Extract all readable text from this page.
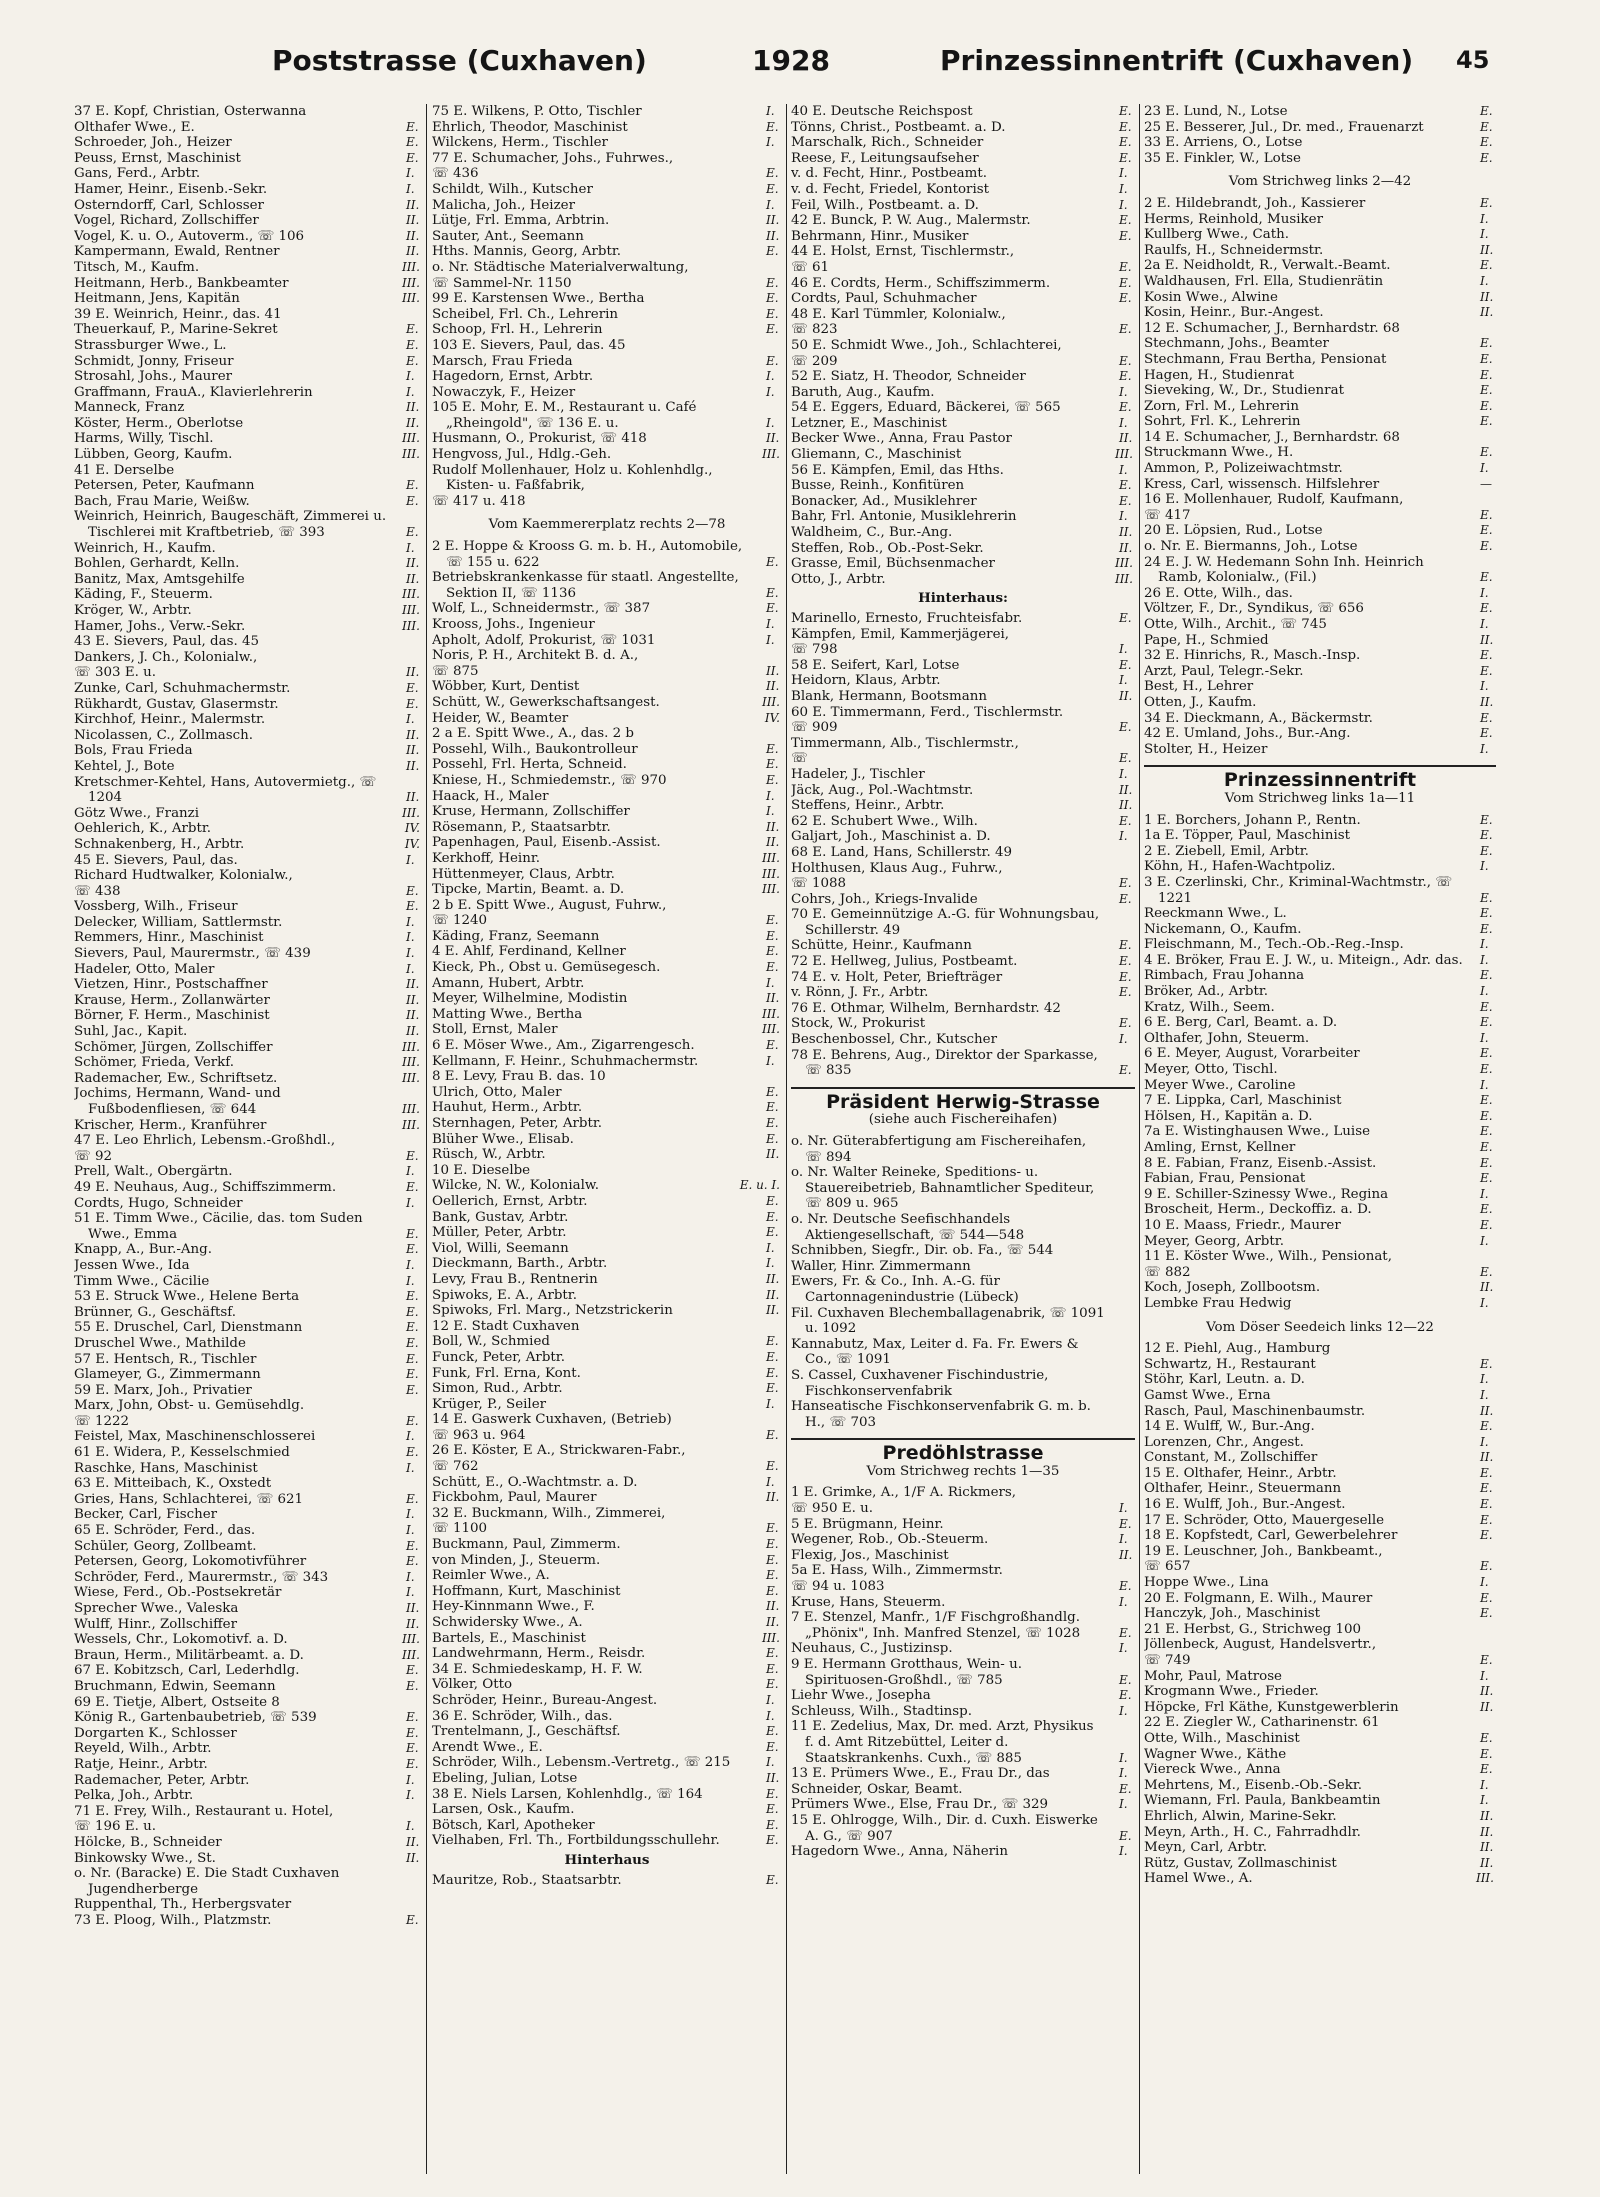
Poststrasse (Cuxhaven)	1928	Prinzessinnentrift (Cuxhaven) 45
37 E. Kopf, Christian, Osterwanna
Olthafer Wwe., E.	E.
Schroeder, Joh., Heizer	E.
Peuss, Ernst, Maschinist	E.
Gans, Ferd., Arbtr.	I.
Hamer, Heinr., Eisenb.-Sekr.	I.
Osterndorff, Carl, Schlosser	II.
Vogel, Richard, Zollschiffer	II.
Vogel, K. u. O., Autoverm., ☏ 106	II.
Kampermann, Ewald, Rentner	II.
Titsch, M., Kaufm.	III.
Heitmann, Herb., Bankbeamter	III.
Heitmann, Jens, Kapitän	III.
39 E. Weinrich, Heinr., das. 41
Theuerkauf, P., Marine-Sekret	E.
Strassburger Wwe., L.	E.
Schmidt, Jonny, Friseur	E.
Strosahl, Johs., Maurer	I.
Graffmann, FrauA., Klavierlehrerin	I.
Manneck, Franz	II.
Köster, Herm., Oberlotse	II.
Harms, Willy, Tischl.	III.
Lübben, Georg, Kaufm.	III.
41 E. Derselbe
Petersen, Peter, Kaufmann	E.
Bach, Frau Marie, Weißw.	E.
Weinrich, Heinrich, Baugeschäft, Zimmerei u. Tischlerei mit Kraftbetrieb, ☏ 393	E.
Weinrich, H., Kaufm.	I.
Bohlen, Gerhardt, Kelln.	II.
Banitz, Max, Amtsgehilfe	II.
Käding, F., Steuerm.	III.
Kröger, W., Arbtr.	III.
Hamer, Johs., Verw.-Sekr.	III.
43 E. Sievers, Paul, das. 45
Dankers, J. Ch., Kolonialw.,
☏ 303 E. u.	II.
Zunke, Carl, Schuhmachermstr.	E.
Rükhardt, Gustav, Glasermstr.	E.
Kirchhof, Heinr., Malermstr.	I.
Nicolassen, C., Zollmasch.	II.
Bols, Frau Frieda	II.
Kehtel, J., Bote	II.
Kretschmer-Kehtel, Hans, Autovermietg., ☏ 1204	II.
Götz Wwe., Franzi	III.
Oehlerich, K., Arbtr.	IV.
Schnakenberg, H., Arbtr.	IV.
45 E. Sievers, Paul, das.	I.
Richard Hudtwalker, Kolonialw.,
☏ 438	E.
Vossberg, Wilh., Friseur	E.
Delecker, William, Sattlermstr.	I.
Remmers, Hinr., Maschinist	I.
Sievers, Paul, Maurermstr., ☏ 439	I.
Hadeler, Otto, Maler	I.
Vietzen, Hinr., Postschaffner	II.
Krause, Herm., Zollanwärter	II.
Börner, F. Herm., Maschinist	II.
Suhl, Jac., Kapit.	II.
Schömer, Jürgen, Zollschiffer	III.
Schömer, Frieda, Verkf.	III.
Rademacher, Ew., Schriftsetz.	III.
Jochims, Hermann, Wand- und Fußbodenfliesen, ☏ 644	III.
Krischer, Herm., Kranführer	III.
47 E. Leo Ehrlich, Lebensm.-Großhdl.,
☏ 92	E.
Prell, Walt., Obergärtn.	I.
49 E. Neuhaus, Aug., Schiffszimmerm.	E.
Cordts, Hugo, Schneider	I.
51 E. Timm Wwe., Cäcilie, das. tom Suden Wwe., Emma	E.
Knapp, A., Bur.-Ang.	E.
Jessen Wwe., Ida	I.
Timm Wwe., Cäcilie	I.
53 E. Struck Wwe., Helene Berta	E.
Brünner, G., Geschäftsf.	E.
55 E. Druschel, Carl, Dienstmann	E.
Druschel Wwe., Mathilde	E.
57 E. Hentsch, R., Tischler	E.
Glameyer, G., Zimmermann	E.
59 E. Marx, Joh., Privatier	E.
Marx, John, Obst- u. Gemüsehdlg.
☏ 1222	E.
Feistel, Max, Maschinenschlosserei	I.
61 E. Widera, P., Kesselschmied	E.
Raschke, Hans, Maschinist	I.
63 E. Mitteibach, K., Oxstedt
Gries, Hans, Schlachterei, ☏ 621	E.
Becker, Carl, Fischer	I.
65 E. Schröder, Ferd., das.	I.
Schüler, Georg, Zollbeamt.	E.
Petersen, Georg, Lokomotivführer	E.
Schröder, Ferd., Maurermstr., ☏ 343	I.
Wiese, Ferd., Ob.-Postsekretär	I.
Sprecher Wwe., Valeska	II.
Wulff, Hinr., Zollschiffer	II.
Wessels, Chr., Lokomotivf. a. D.	III.
Braun, Herm., Militärbeamt. a. D.	III.
67 E. Kobitzsch, Carl, Lederhdlg.	E.
Bruchmann, Edwin, Seemann	E.
69 E. Tietje, Albert, Ostseite 8
König R., Gartenbaubetrieb, ☏ 539	E.
Dorgarten K., Schlosser	E.
Reyeld, Wilh., Arbtr.	E.
Ratje, Heinr., Arbtr.	E.
Rademacher, Peter, Arbtr.	I.
Pelka, Joh., Arbtr.	I.
71 E. Frey, Wilh., Restaurant u. Hotel,
☏ 196 E. u.	I.
Hölcke, B., Schneider	II.
Binkowsky Wwe., St.	II.
o. Nr. (Baracke) E. Die Stadt Cuxhaven Jugendherberge
Ruppenthal, Th., Herbergsvater
73 E. Ploog, Wilh., Platzmstr.	E.
75 E. Wilkens, P. Otto, Tischler	I.
Ehrlich, Theodor, Maschinist	E.
Wilckens, Herm., Tischler	I.
77 E. Schumacher, Johs., Fuhrwes.,
☏ 436	E.
Schildt, Wilh., Kutscher	E.
Malicha, Joh., Heizer	I.
Lütje, Frl. Emma, Arbtrin.	II.
Sauter, Ant., Seemann	II.
Hths. Mannis, Georg, Arbtr.	E.
o. Nr. Städtische Materialverwaltung,
☏ Sammel-Nr. 1150	E.
99 E. Karstensen Wwe., Bertha	E.
Scheibel, Frl. Ch., Lehrerin	E.
Schoop, Frl. H., Lehrerin	E.
103 E. Sievers, Paul, das. 45
Marsch, Frau Frieda	E.
Hagedorn, Ernst, Arbtr.	I.
Nowaczyk, F., Heizer	I.
105 E. Mohr, E. M., Restaurant u. Café „Rheingold", ☏ 136 E. u.	I.
Husmann, O., Prokurist, ☏ 418	II.
Hengvoss, Jul., Hdlg.-Geh.	III.
Rudolf Mollenhauer, Holz u. Kohlenhdlg., Kisten- u. Faßfabrik,
☏ 417 u. 418
Vom Kaemmererplatz rechts 2—78
2 E. Hoppe & Krooss G. m. b. H., Automobile, ☏ 155 u. 622	E.
Betriebskrankenkasse für staatl. Angestellte, Sektion II, ☏ 1136	E.
Wolf, L., Schneidermstr., ☏ 387	E.
Krooss, Johs., Ingenieur	I.
Apholt, Adolf, Prokurist, ☏ 1031	I.
Noris, P. H., Architekt B. d. A.,
☏ 875	II.
Wöbber, Kurt, Dentist	II.
Schütt, W., Gewerkschaftsangest.	III.
Heider, W., Beamter	IV.
2 a E. Spitt Wwe., A., das. 2 b
Possehl, Wilh., Baukontrolleur	E.
Possehl, Frl. Herta, Schneid.	E.
Kniese, H., Schmiedemstr., ☏ 970	E.
Haack, H., Maler	I.
Kruse, Hermann, Zollschiffer	I.
Rösemann, P., Staatsarbtr.	II.
Papenhagen, Paul, Eisenb.-Assist.	II.
Kerkhoff, Heinr.	III.
Hüttenmeyer, Claus, Arbtr.	III.
Tipcke, Martin, Beamt. a. D.	III.
2 b E. Spitt Wwe., August, Fuhrw.,
☏ 1240	E.
Käding, Franz, Seemann	E.
4 E. Ahlf, Ferdinand, Kellner	E.
Kieck, Ph., Obst u. Gemüsegesch.	E.
Amann, Hubert, Arbtr.	I.
Meyer, Wilhelmine, Modistin	II.
Matting Wwe., Bertha	III.
Stoll, Ernst, Maler	III.
6 E. Möser Wwe., Am., Zigarrengesch.	E.
Kellmann, F. Heinr., Schuhmachermstr.	I.
8 E. Levy, Frau B. das. 10
Ulrich, Otto, Maler	E.
Hauhut, Herm., Arbtr.	E.
Sternhagen, Peter, Arbtr.	E.
Blüher Wwe., Elisab.	E.
Rüsch, W., Arbtr.	II.
10 E. Dieselbe
Wilcke, N. W., Kolonialw.	E. u. I.
Oellerich, Ernst, Arbtr.	E.
Bank, Gustav, Arbtr.	E.
Müller, Peter, Arbtr.	E.
Viol, Willi, Seemann	I.
Dieckmann, Barth., Arbtr.	I.
Levy, Frau B., Rentnerin	II.
Spiwoks, E. A., Arbtr.	II.
Spiwoks, Frl. Marg., Netzstrickerin	II.
12 E. Stadt Cuxhaven
Boll, W., Schmied	E.
Funck, Peter, Arbtr.	E.
Funk, Frl. Erna, Kont.	E.
Simon, Rud., Arbtr.	E.
Krüger, P., Seiler	I.
14 E. Gaswerk Cuxhaven, (Betrieb)
☏ 963 u. 964	E.
26 E. Köster, E A., Strickwaren-Fabr.,
☏ 762	E.
Schütt, E., O.-Wachtmstr. a. D.	I.
Fickbohm, Paul, Maurer	II.
32 E. Buckmann, Wilh., Zimmerei,
☏ 1100	E.
Buckmann, Paul, Zimmerm.	E.
von Minden, J., Steuerm.	E.
Reimler Wwe., A.	E.
Hoffmann, Kurt, Maschinist	E.
Hey-Kinnmann Wwe., F.	II.
Schwidersky Wwe., A.	II.
Bartels, E., Maschinist	III.
Landwehrmann, Herm., Reisdr.	E.
34 E. Schmiedeskamp, H. F. W.	E.
Völker, Otto	E.
Schröder, Heinr., Bureau-Angest.	I.
36 E. Schröder, Wilh., das.	I.
Trentelmann, J., Geschäftsf.	E.
Arendt Wwe., E.	E.
Schröder, Wilh., Lebensm.-Vertretg., ☏ 215	I.
Ebeling, Julian, Lotse	II.
38 E. Niels Larsen, Kohlenhdlg., ☏ 164	E.
Larsen, Osk., Kaufm.	E.
Bötsch, Karl, Apotheker	E.
Vielhaben, Frl. Th., Fortbildungsschullehr.	E.
Hinterhaus
Mauritze, Rob., Staatsarbtr.	E.
40 E. Deutsche Reichspost	E.
Tönns, Christ., Postbeamt. a. D.	E.
Marschalk, Rich., Schneider	E.
Reese, F., Leitungsaufseher	E.
v. d. Fecht, Hinr., Postbeamt.	I.
v. d. Fecht, Friedel, Kontorist	I.
Feil, Wilh., Postbeamt. a. D.	I.
42 E. Bunck, P. W. Aug., Malermstr.	E.
Behrmann, Hinr., Musiker	E.
44 E. Holst, Ernst, Tischlermstr.,
☏ 61	E.
46 E. Cordts, Herm., Schiffszimmerm.	E.
Cordts, Paul, Schuhmacher	E.
48 E. Karl Tümmler, Kolonialw.,
☏ 823	E.
50 E. Schmidt Wwe., Joh., Schlachterei,
☏ 209	E.
52 E. Siatz, H. Theodor, Schneider	E.
Baruth, Aug., Kaufm.	I.
54 E. Eggers, Eduard, Bäckerei, ☏ 565	E.
Letzner, E., Maschinist	I.
Becker Wwe., Anna, Frau Pastor	II.
Gliemann, C., Maschinist	III.
56 E. Kämpfen, Emil, das Hths.	I.
Busse, Reinh., Konfitüren	E.
Bonacker, Ad., Musiklehrer	E.
Bahr, Frl. Antonie, Musiklehrerin	I.
Waldheim, C., Bur.-Ang.	II.
Steffen, Rob., Ob.-Post-Sekr.	II.
Grasse, Emil, Büchsenmacher	III.
Otto, J., Arbtr.	III.
Hinterhaus:
Marinello, Ernesto, Fruchteisfabr.	E.
Kämpfen, Emil, Kammerjägerei,
☏ 798	I.
58 E. Seifert, Karl, Lotse	E.
Heidorn, Klaus, Arbtr.	I.
Blank, Hermann, Bootsmann	II.
60 E. Timmermann, Ferd., Tischlermstr.
☏ 909	E.
Timmermann, Alb., Tischlermstr.,
☏	E.
Hadeler, J., Tischler	I.
Jäck, Aug., Pol.-Wachtmstr.	II.
Steffens, Heinr., Arbtr.	II.
62 E. Schubert Wwe., Wilh.	E.
Galjart, Joh., Maschinist a. D.	I.
68 E. Land, Hans, Schillerstr. 49
Holthusen, Klaus Aug., Fuhrw.,
☏ 1088	E.
Cohrs, Joh., Kriegs-Invalide	E.
70 E. Gemeinnützige A.-G. für Wohnungsbau, Schillerstr. 49
Schütte, Heinr., Kaufmann	E.
72 E. Hellweg, Julius, Postbeamt.	E.
74 E. v. Holt, Peter, Briefträger	E.
v. Rönn, J. Fr., Arbtr.	E.
76 E. Othmar, Wilhelm, Bernhardstr. 42
Stock, W., Prokurist	E.
Beschenbossel, Chr., Kutscher	I.
78 E. Behrens, Aug., Direktor der Sparkasse, ☏ 835	E.
Präsident Herwig-Strasse
(siehe auch Fischereihafen)
o. Nr. Güterabfertigung am Fischereihafen, ☏ 894
o. Nr. Walter Reineke, Speditions- u. Stauereibetrieb, Bahnamtlicher Spediteur, ☏ 809 u. 965
o. Nr. Deutsche Seefischhandels Aktiengesellschaft, ☏ 544—548
Schnibben, Siegfr., Dir. ob. Fa., ☏ 544
Waller, Hinr. Zimmermann
Ewers, Fr. & Co., Inh. A.-G. für Cartonnagenindustrie (Lübeck)
Fil. Cuxhaven Blechemballagenabrik, ☏ 1091 u. 1092
Kannabutz, Max, Leiter d. Fa. Fr. Ewers & Co., ☏ 1091
S. Cassel, Cuxhavener Fischindustrie, Fischkonservenfabrik
Hanseatische Fischkonservenfabrik G. m. b. H., ☏ 703
Predöhlstrasse
Vom Strichweg rechts 1—35
1 E. Grimke, A., 1/F A. Rickmers,
☏ 950 E. u.	I.
5 E. Brügmann, Heinr.	E.
Wegener, Rob., Ob.-Steuerm.	I.
Flexig, Jos., Maschinist	II.
5a E. Hass, Wilh., Zimmermstr.
☏ 94 u. 1083	E.
Kruse, Hans, Steuerm.	I.
7 E. Stenzel, Manfr., 1/F Fischgroßhandlg. „Phönix", Inh. Manfred Stenzel, ☏ 1028	E.
Neuhaus, C., Justizinsp.	I.
9 E. Hermann Grotthaus, Wein- u. Spirituosen-Großhdl., ☏ 785	E.
Liehr Wwe., Josepha	E.
Schleuss, Wilh., Stadtinsp.	I.
11 E. Zedelius, Max, Dr. med. Arzt, Physikus f. d. Amt Ritzebüttel, Leiter d. Staatskrankenhs. Cuxh., ☏ 885	I.
13 E. Prümers Wwe., E., Frau Dr., das	I.
Schneider, Oskar, Beamt.	E.
Prümers Wwe., Else, Frau Dr., ☏ 329	I.
15 E. Ohlrogge, Wilh., Dir. d. Cuxh. Eiswerke A. G., ☏ 907	E.
Hagedorn Wwe., Anna, Näherin	I.
23 E. Lund, N., Lotse	E.
25 E. Besserer, Jul., Dr. med., Frauenarzt	E.
33 E. Arriens, O., Lotse	E.
35 E. Finkler, W., Lotse	E.
Vom Strichweg links 2—42
2 E. Hildebrandt, Joh., Kassierer	E.
Herms, Reinhold, Musiker	I.
Kullberg Wwe., Cath.	I.
Raulfs, H., Schneidermstr.	II.
2a E. Neidholdt, R., Verwalt.-Beamt.	E.
Waldhausen, Frl. Ella, Studienrätin	I.
Kosin Wwe., Alwine	II.
Kosin, Heinr., Bur.-Angest.	II.
12 E. Schumacher, J., Bernhardstr. 68
Stechmann, Johs., Beamter	E.
Stechmann, Frau Bertha, Pensionat	E.
Hagen, H., Studienrat	E.
Sieveking, W., Dr., Studienrat	E.
Zorn, Frl. M., Lehrerin	E.
Sohrt, Frl. K., Lehrerin	E.
14 E. Schumacher, J., Bernhardstr. 68
Struckmann Wwe., H.	E.
Ammon, P., Polizeiwachtmstr.	I.
Kress, Carl, wissensch. Hilfslehrer	—
16 E. Mollenhauer, Rudolf, Kaufmann,
☏ 417	E.
20 E. Löpsien, Rud., Lotse	E.
o. Nr. E. Biermanns, Joh., Lotse	E.
24 E. J. W. Hedemann Sohn Inh. Heinrich Ramb, Kolonialw., (Fil.)	E.
26 E. Otte, Wilh., das.	I.
Völtzer, F., Dr., Syndikus, ☏ 656	E.
Otte, Wilh., Archit., ☏ 745	I.
Pape, H., Schmied	II.
32 E. Hinrichs, R., Masch.-Insp.	E.
Arzt, Paul, Telegr.-Sekr.	E.
Best, H., Lehrer	I.
Otten, J., Kaufm.	II.
34 E. Dieckmann, A., Bäckermstr.	E.
42 E. Umland, Johs., Bur.-Ang.	E.
Stolter, H., Heizer	I.
Prinzessinnentrift
Vom Strichweg links 1a—11
1 E. Borchers, Johann P., Rentn.	E.
1a E. Töpper, Paul, Maschinist	E.
2 E. Ziebell, Emil, Arbtr.	E.
Köhn, H., Hafen-Wachtpoliz.	I.
3 E. Czerlinski, Chr., Kriminal-Wachtmstr., ☏ 1221	E.
Reeckmann Wwe., L.	E.
Nickemann, O., Kaufm.	E.
Fleischmann, M., Tech.-Ob.-Reg.-Insp.	I.
4 E. Bröker, Frau E. J. W., u. Miteign., Adr. das. I.
Rimbach, Frau Johanna	E.
Bröker, Ad., Arbtr.	I.
Kratz, Wilh., Seem.	E.
6 E. Berg, Carl, Beamt. a. D.	E.
Olthafer, John, Steuerm.	I.
6 E. Meyer, August, Vorarbeiter	E.
Meyer, Otto, Tischl.	E.
Meyer Wwe., Caroline	I.
7 E. Lippka, Carl, Maschinist	E.
Hölsen, H., Kapitän a. D.	E.
7a E. Wistinghausen Wwe., Luise	E.
Amling, Ernst, Kellner	E.
8 E. Fabian, Franz, Eisenb.-Assist.	E.
Fabian, Frau, Pensionat	E.
9 E. Schiller-Szinessy Wwe., Regina	I.
Broscheit, Herm., Deckoffiz. a. D.	E.
10 E. Maass, Friedr., Maurer	E.
Meyer, Georg, Arbtr.	I.
11 E. Köster Wwe., Wilh., Pensionat,
☏ 882	E.
Koch, Joseph, Zollbootsm.	II.
Lembke Frau Hedwig	I.
Vom Döser Seedeich links 12—22
12 E. Piehl, Aug., Hamburg
Schwartz, H., Restaurant	E.
Stöhr, Karl, Leutn. a. D.	I.
Gamst Wwe., Erna	I.
Rasch, Paul, Maschinenbaumstr.	II.
14 E. Wulff, W., Bur.-Ang.	E.
Lorenzen, Chr., Angest.	I.
Constant, M., Zollschiffer	II.
15 E. Olthafer, Heinr., Arbtr.	E.
Olthafer, Heinr., Steuermann	E.
16 E. Wulff, Joh., Bur.-Angest.	E.
17 E. Schröder, Otto, Mauergeselle	E.
18 E. Kopfstedt, Carl, Gewerbelehrer	E.
19 E. Leuschner, Joh., Bankbeamt.,
☏ 657	E.
Hoppe Wwe., Lina	I.
20 E. Folgmann, E. Wilh., Maurer	E.
Hanczyk, Joh., Maschinist	E.
21 E. Herbst, G., Strichweg 100
Jöllenbeck, August, Handelsvertr.,
☏ 749	E.
Mohr, Paul, Matrose	I.
Krogmann Wwe., Frieder.	II.
Höpcke, Frl Käthe, Kunstgewerblerin	II.
22 E. Ziegler W., Catharinenstr. 61
Otte, Wilh., Maschinist	E.
Wagner Wwe., Käthe	E.
Viereck Wwe., Anna	E.
Mehrtens, M., Eisenb.-Ob.-Sekr.	I.
Wiemann, Frl. Paula, Bankbeamtin	I.
Ehrlich, Alwin, Marine-Sekr.	II.
Meyn, Arth., H. C., Fahrradhdlr.	II.
Meyn, Carl, Arbtr.	II.
Rütz, Gustav, Zollmaschinist	II.
Hamel Wwe., A.	III.
